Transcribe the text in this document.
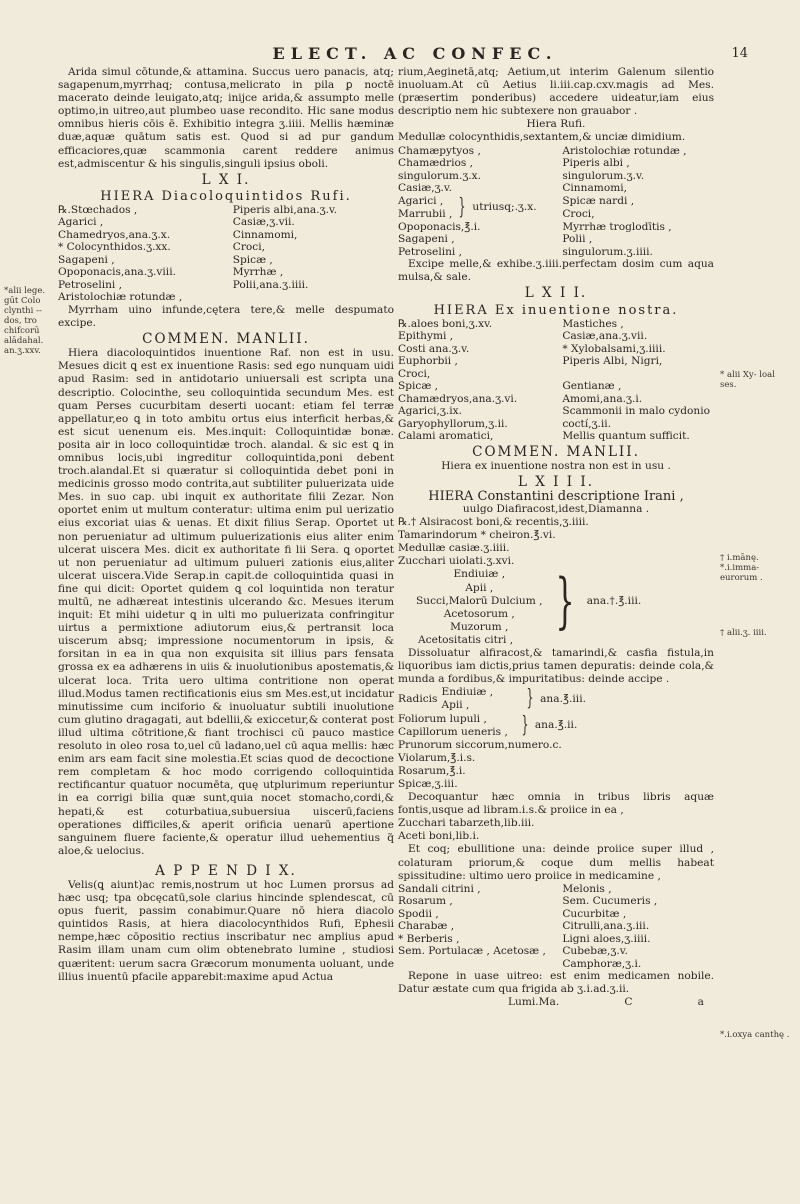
ELECT. AC CONFEC.	14

Arida simul cōtunde,& attamina. Succus uero panacis, atq; sagapenum,myrrhaq; contusa,melicrato in pila ꝑ noctē macerato deinde leuigato,atq; inijce arida,& assumpto melle optimo,in uitreo,aut plumbeo uase recondito. Hic sane modus omnibus hieris cōis ē. Exhibitio integra ʒ.iiii. Mellis hæminæ duæ,aquæ quātum satis est. Quod si ad pur gandum efficaciores,quæ scammonia carent reddere animus est,admiscentur & his singulis,singuli ipsius oboli.

L X I.
HIERA Diacoloquintidos Rufi.
℞.Stœchados ,	Piperis albi,ana.ʒ.v.
Agarici ,	Casiæ,ʒ.vii.
Chamedryos,ana.ʒ.x.	Cinnamomi,
* Colocynthidos.ʒ.xx.	Croci,
Sagapeni ,	Spicæ ,
Opoponacis,ana.ʒ.viii.	Myrrhæ ,
Petroselini ,	Polii,ana.ʒ.iiii.
Aristolochiæ rotundæ ,	

Myrrham uino infunde,cętera tere,& melle despumato excipe.

COMMEN. MANLII.

Hiera diacoloquintidos inuentione Raf. non est in usu. Mesues dicit ꝗ est ex inuentione Rasis: sed ego nunquam uidi apud Rasim: sed in antidotario uniuersali est scripta una descriptio. Colocinthe, seu colloquintida secundum Mes. est quam Perses cucurbitam deserti uocant: etiam fel terræ appellatur,eo ꝗ in toto ambitu ortus eius interficit herbas,& est sicut uenenum eis. Mes.inquit: Colloquintidæ bonæ. posita air in loco colloquintidæ troch. alandal. & sic est ꝗ in omnibus locis,ubi ingreditur colloquintida,poni debent troch.alandal.Et si quæratur si colloquintida debet poni in medicinis grosso modo contrita,aut subtiliter puluerizata uide Mes. in suo cap. ubi inquit ex authoritate filii Zezar. Non oportet enim ut multum conteratur: ultima enim pul uerizatio eius excoriat uias & uenas. Et dixit filius Serap. Oportet ut non perueniatur ad ultimum puluerizationis eius aliter enim ulcerat uiscera Mes. dicit ex authoritate fi lii Sera. ꝗ oportet ut non perueniatur ad ultimum pulueri zationis eius,aliter ulcerat uiscera.Vide Serap.in capit.de colloquintida quasi in fine qui dicit: Oportet quidem ꝗ col loquintida non teratur multū, ne adhæreat intestinis ulcerando &c. Mesues iterum inquit: Et mihi uidetur ꝗ in ulti mo puluerizata confringitur uirtus a permixtione adiutorum eius,& pertransit loca uiscerum absq; impressione nocumentorum in ipsis, & forsitan in ea in qua non exquisita sit illius pars fensata grossa ex ea adhærens in uiis & inuolutionibus apostematis,& ulcerat loca. Trita uero ultima contritione non operat illud.Modus tamen rectificationis eius sm Mes.est,ut incidatur minutissime cum inciforio & inuoluatur subtili inuolutione cum glutino dragagati, aut bdellii,& exiccetur,& conterat post illud ultima cōtritione,& fiant trochisci cū pauco mastice resoluto in oleo rosa to,uel cū ladano,uel cū aqua mellis: hæc enim ars eam facit sine molestia.Et scias quod de decoctione rem completam & hoc modo corrigendo colloquintida rectificantur quatuor nocumēta, quę utplurimum reperiuntur in ea corrigi bilia quæ sunt,quia nocet stomacho,cordi,& hepati,& est coturbatiua,subuersiua uiscerū,faciens operationes difficiles,& aperit orificia uenarū apertione sanguinem fluere faciente,& operatur illud uehementius q̃ aloe,& uelocius.

A P P E N D I X.

Velis(ꝗ aiunt)ac remis,nostrum ut hoc Lumen prorsus ad hæc usq; tpa obcęcatū,sole clarius hincinde splendescat, cū opus fuerit, passim conabimur.Quare nō hiera diacolo quintidos Rasis, at hiera diacolocynthidos Rufi, Ephesii nempe,hæc cōpositio rectius inscribatur nec amplius apud Rasim illam unam cum olim obtenebrato lumine , studiosi quæritent: uerum sacra Græcorum monumenta uoluant, unde illius inuentū pfacile apparebit:maxime apud Actua

rium,Aeginetā,atq; Aetium,ut interim Galenum silentio inuoluam.At cū Aetius li.iii.cap.cxv.magis ad Mes. (præsertim ponderibus) accedere uideatur,iam eius descriptio nem hic subtexere non grauabor .

Hiera Rufi.

Medullæ colocynthidis,sextantem,& unciæ dimidium.

Chamæpytyos ,	Aristolochiæ rotundæ ,
Chamædrios ,	Piperis albi ,
singulorum.ʒ.x.	singulorum.ʒ.v.
Casiæ,ʒ.v.	Cinnamomi,
Agarici ,
Marrubii , } utriusq;.ʒ.x.
Spicæ nardi ,
Croci,
Opoponacis,℥.i.	Myrrhæ troglodītis ,
Sagapeni ,	Polii ,
Petroselini ,	singulorum.ʒ.iiii.

Excipe melle,& exhibe.ʒ.iiii.perfectam dosim cum aqua mulsa,& sale.

L X I I.
HIERA Ex inuentione nostra.
℞.aloes boni,ʒ.xv.	Mastiches ,
Epithymi ,	Casiæ,ana.ʒ.vii.
Costi ana.ʒ.v.	* Xylobalsami,ʒ.iiii.
Euphorbii ,	Piperis Albi, Nigri,
Croci,	
Spicæ ,	Gentianæ ,
Chamædryos,ana.ʒ.vi.	Amomi,ana.ʒ.i.
Agarici,ʒ.ix.	Scammonii in malo cydonio
Garyophyllorum,ʒ.ii.	coctí,ʒ.ii.
Calami aromatici,	Mellis quantum sufficit.
COMMEN. MANLII.
Hiera ex inuentione nostra non est in usu .
L X I I I.
HIERA Constantini descriptione Irani ,
uulgo Diafiracost,idest,Diamanna .
℞.† Alsiracost boni,& recentis,ʒ.iiii.
Tamarindorum * cheiron.℥.vi.
Medullæ casiæ.ʒ.iiii.
Zucchari uiolati.ʒ.xvi.
Endiuiæ ,
Apii ,
Succi,Malorū Dulcium ,
Acetosorum ,
Muzorum , } ana.†.℥.iii.
Acetositatis citri ,

Dissoluatur alfiracost,& tamarindi,& casfia fistula,in liquoribus iam dictis,prius tamen depuratis: deinde cola,& munda a fordibus,& impuritatibus: deinde accipe .

Radicis
Endiuiæ ,
Apii ,	} ana.℥.iii.
Foliorum lupuli ,
Capillorum ueneris , } ana.℥.ii.
Prunorum siccorum,numero.c.
Violarum,℥.i.s.
Rosarum,℥.i.
Spicæ,ʒ.iii.

Decoquantur hæc omnia in tribus libris aquæ fontis,usque ad libram.i.s.& proiice in ea ,

Zucchari tabarzeth,lib.iii.
Aceti boni,lib.i.

Et coq; ebullitione una: deinde proiice super illud , colaturam priorum,& coque dum mellis habeat spissitudine: ultimo uero proiice in medicamine ,

Sandali citrini ,	Melonis ,
Rosarum ,	Sem. Cucumeris ,
Spodii ,	Cucurbitæ ,
Charabæ ,	Citrulli,ana.ʒ.iii.
* Berberis ,	Ligni aloes,ʒ.iiii.
Sem. Portulacæ , Acetosæ ,	Cubebæ,ʒ.v.
	Camphoræ,ʒ.i.

Repone in uase uitreo: est enim medicamen nobile. Datur æstate cum qua frigida ab ʒ.i.ad.ʒ.ii.

Lumi.Ma.	C	a
*alii lege. gūt Colo clynthi -- dos, tro chifcorū alādahal. an.ʒ.xxv.
* alii Xy- loal ses.
† i.mānę. *.i.imma- eurorum .
† alii.ʒ. iiii.
*.i.oxya canthę .
